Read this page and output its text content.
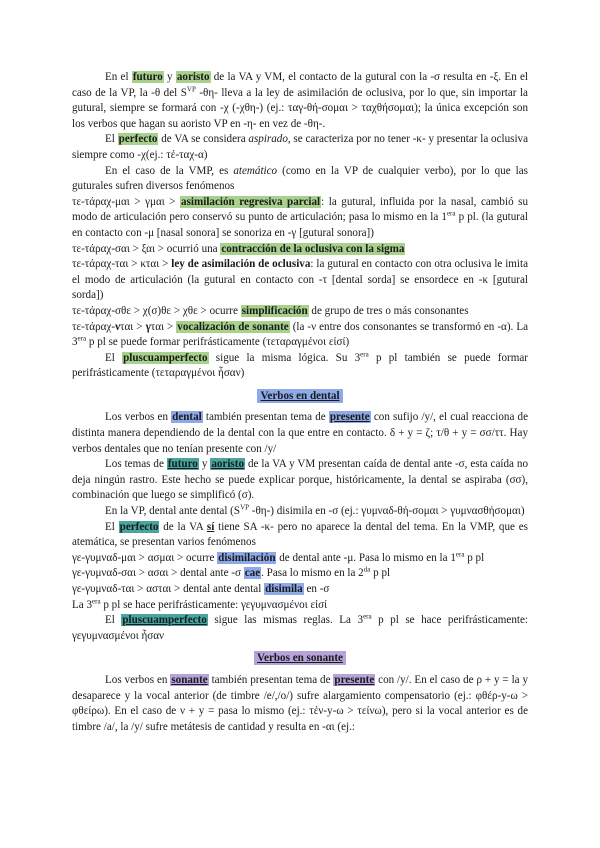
En el futuro y aoristo de la VA y VM, el contacto de la gutural con la -σ resulta en -ξ. En el caso de la VP, la -θ del $S^{VP}$ -θη- lleva a la ley de asimilación de oclusiva, por lo que, sin importar la gutural, siempre se formará con -χ (-χθη-) (ej.: ταγ-θή-σομαι > ταχθήσομαι); la única excepción son los verbos que hagan su aoristo VP en -η- en vez de -θη-.

El perfecto de VA se considera aspirado, se caracteriza por no tener -κ- y presentar la oclusiva siempre como -χ(ej.: τέ-ταχ-α)

En el caso de la VMP, es atemático (como en la VP de cualquier verbo), por lo que las guturales sufren diversos fenómenos

τε-τάραχ-μαι > γμαι > asimilación regresiva parcial: la gutural, influida por la nasal, cambió su modo de articulación pero conservó su punto de articulación; pasa lo mismo en la $1^{era}$ p pl. (la gutural en contacto con -μ [nasal sonora] se sonoriza en -γ [gutural sonora])

τε-τάραχ-σαι > ξαι > ocurrió una contracción de la oclusiva con la sigma

τε-τάραχ-ται > κται > ley de asimilación de oclusiva: la gutural en contacto con otra oclusiva le imita el modo de articulación (la gutural en contacto con -τ [dental sorda] se ensordece en -κ [gutural sorda])

τε-τάραχ-σθε > χ(σ)θε > χθε > ocurre simplificación de grupo de tres o más consonantes

τε-τάραχ-νται > γται > vocalización de sonante (la -ν entre dos consonantes se transformó en -α). La $3^{era}$ p pl se puede formar perifrásticamente (τεταραγμένοι εἰσί)

El pluscuamperfecto sigue la misma lógica. Su $3^{era}$ p pl también se puede formar perifrásticamente (τεταραγμένοι ἦσαν)

Verbos en dental

Los verbos en dental también presentan tema de presente con sufijo /y/, el cual reacciona de distinta manera dependiendo de la dental con la que entre en contacto. δ + y = ζ; τ/θ + y = σσ/ττ. Hay verbos dentales que no tenían presente con /y/

Los temas de futuro y aoristo de la VA y VM presentan caída de dental ante -σ, esta caída no deja ningún rastro. Este hecho se puede explicar porque, históricamente, la dental se aspiraba (σσ), combinación que luego se simplificó (σ).

En la VP, dental ante dental ($S^{VP}$ -θη-) disimila en -σ (ej.: γυμναδ-θή-σομαι > γυμνασθήσομαι)

El perfecto de la VA sí tiene SA -κ- pero no aparece la dental del tema. En la VMP, que es atemática, se presentan varios fenómenos

γε-γυμναδ-μαι > ασμαι > ocurre disimilación de dental ante -μ. Pasa lo mismo en la $1^{era}$ p pl

γε-γυμναδ-σαι > ασαι > dental ante -σ cae. Pasa lo mismo en la $2^{da}$ p pl

γε-γυμναδ-ται > ασται > dental ante dental disimila en -σ

La $3^{era}$ p pl se hace perifrásticamente: γεγυμνασμένοι εἰσί

El pluscuamperfecto sigue las mismas reglas. La $3^{era}$ p pl se hace perifrásticamente: γεγυμνασμένοι ἦσαν

Verbos en sonante

Los verbos en sonante también presentan tema de presente con /y/. En el caso de ρ + y = la y desaparece y la vocal anterior (de timbre /e/,/o/) sufre alargamiento compensatorio (ej.: φθέρ-y-ω > φθείρω). En el caso de ν + y = pasa lo mismo (ej.: τέν-y-ω > τείνω), pero si la vocal anterior es de timbre /a/, la /y/ sufre metátesis de cantidad y resulta en -αι (ej.:
